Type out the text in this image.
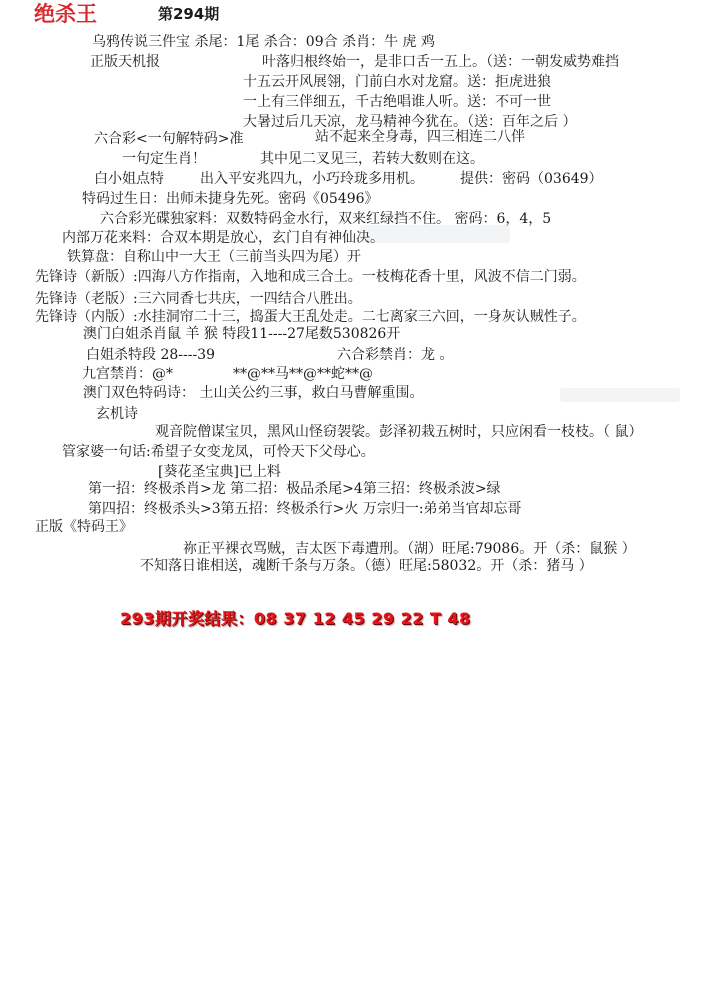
绝杀王	第294期
乌鸦传说三件宝 杀尾：1尾 杀合：09合 杀肖：牛 虎 鸡
正版天机报	叶落归根终始一，是非口舌一五上。（送：一朝发威势难挡
十五云开风展翎，门前白水对龙窟。送：拒虎进狼
一上有三伴细五，千古绝唱谁人听。送：不可一世
大暑过后几天凉，龙马精神今犹在。（送：百年之后 ）
六合彩<一句解特码>准	站不起来全身毒，四三相连二八伴
一句定生肖！	其中见二叉见三，若转大数则在这。
白小姐点特	出入平安兆四九，小巧玲珑多用机。	提供：密码（03649）
特码过生日：出师未捷身先死。密码《05496》
六合彩光碟独家料：双数特码金水行，双来红绿挡不住。 密码：6，4，5
内部万花来料：合双本期是放心，玄门自有神仙决。
铁算盘：自称山中一大王（三前当头四为尾）开
先锋诗（新版）:四海八方作指南，入地和成三合土。一枝梅花香十里，风波不信二门弱。
先锋诗（老版）:三六同香七共庆，一四结合八胜出。
先锋诗（内版）:水挂洞帘二十三，捣蛋大王乱处走。二七离家三六回，一身灰认贼性子。
澳门白姐杀肖鼠 羊 猴 特段11----27尾数530826开
白姐杀特段 28----39	六合彩禁肖：龙 。
九宫禁肖：@*	**@**马**@**蛇**@
澳门双色特码诗： 土山关公约三事，救白马曹解重围。
玄机诗
观音院僧谋宝贝，黑风山怪窃袈裟。彭泽初栽五树时，只应闲看一枝枝。（ 鼠）
管家婆一句话:希望子女变龙凤，可怜天下父母心。
[葵花圣宝典]已上料
第一招：终极杀肖>龙 第二招：极品杀尾>4第三招：终极杀波>绿
第四招：终极杀头>3第五招：终极杀行>火 万宗归一:弟弟当官却忘哥
正版《特码王》
祢正平裸衣骂贼，吉太医下毒遭刑。（湖）旺尾:79086。开（杀：鼠猴 ）
不知落日谁相送，魂断千条与万条。（德）旺尾:58032。开（杀：猪马 ）
293期开奖结果：08 37 12 45 29 22 T 48
